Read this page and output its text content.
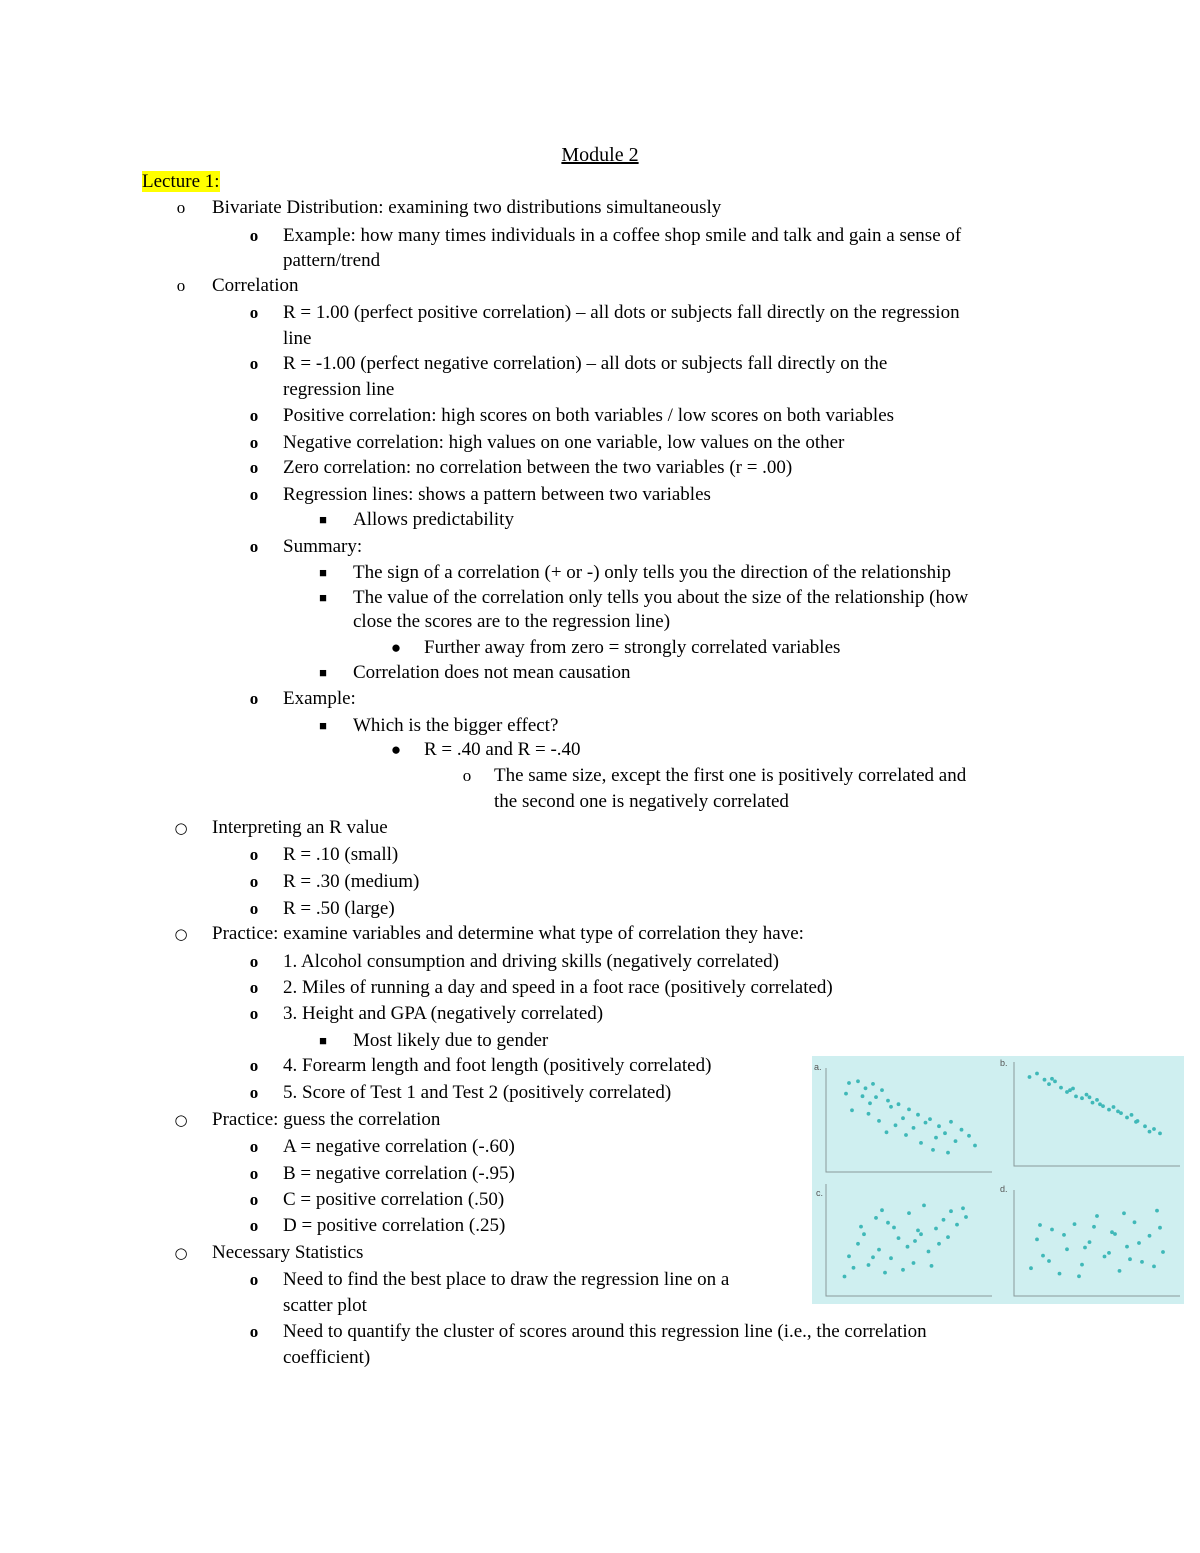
Module 2
Lecture 1:
o Bivariate Distribution: examining two distributions simultaneously
o Example: how many times individuals in a coffee shop smile and talk and gain a sense of
pattern/trend
o Correlation
o R = 1.00 (perfect positive correlation) – all dots or subjects fall directly on the regression
line
o R = -1.00 (perfect negative correlation) – all dots or subjects fall directly on the
regression line
o Positive correlation: high scores on both variables / low scores on both variables
o Negative correlation: high values on one variable, low values on the other
o Zero correlation: no correlation between the two variables (r = .00)
o Regression lines: shows a pattern between two variables
■ Allows predictability
o Summary:
■ The sign of a correlation (+ or -) only tells you the direction of the relationship
■ The value of the correlation only tells you about the size of the relationship (how
close the scores are to the regression line)
● Further away from zero = strongly correlated variables
■ Correlation does not mean causation
o Example:
■ Which is the bigger effect?
● R = .40 and R = -.40
o The same size, except the first one is positively correlated and
the second one is negatively correlated
○ Interpreting an R value
o R = .10 (small)
o R = .30 (medium)
o R = .50 (large)
○ Practice: examine variables and determine what type of correlation they have:
o 1. Alcohol consumption and driving skills (negatively correlated)
o 2. Miles of running a day and speed in a foot race (positively correlated)
o 3. Height and GPA (negatively correlated)
■ Most likely due to gender
o 4. Forearm length and foot length (positively correlated)
o 5. Score of Test 1 and Test 2 (positively correlated)
○ Practice: guess the correlation
o A = negative correlation (-.60)
o B = negative correlation (-.95)
o C = positive correlation (.50)
o D = positive correlation (.25)
○ Necessary Statistics
o Need to find the best place to draw the regression line on a
scatter plot
o Need to quantify the cluster of scores around this regression line (i.e., the correlation
coefficient)
a.	b.
c.	d.
